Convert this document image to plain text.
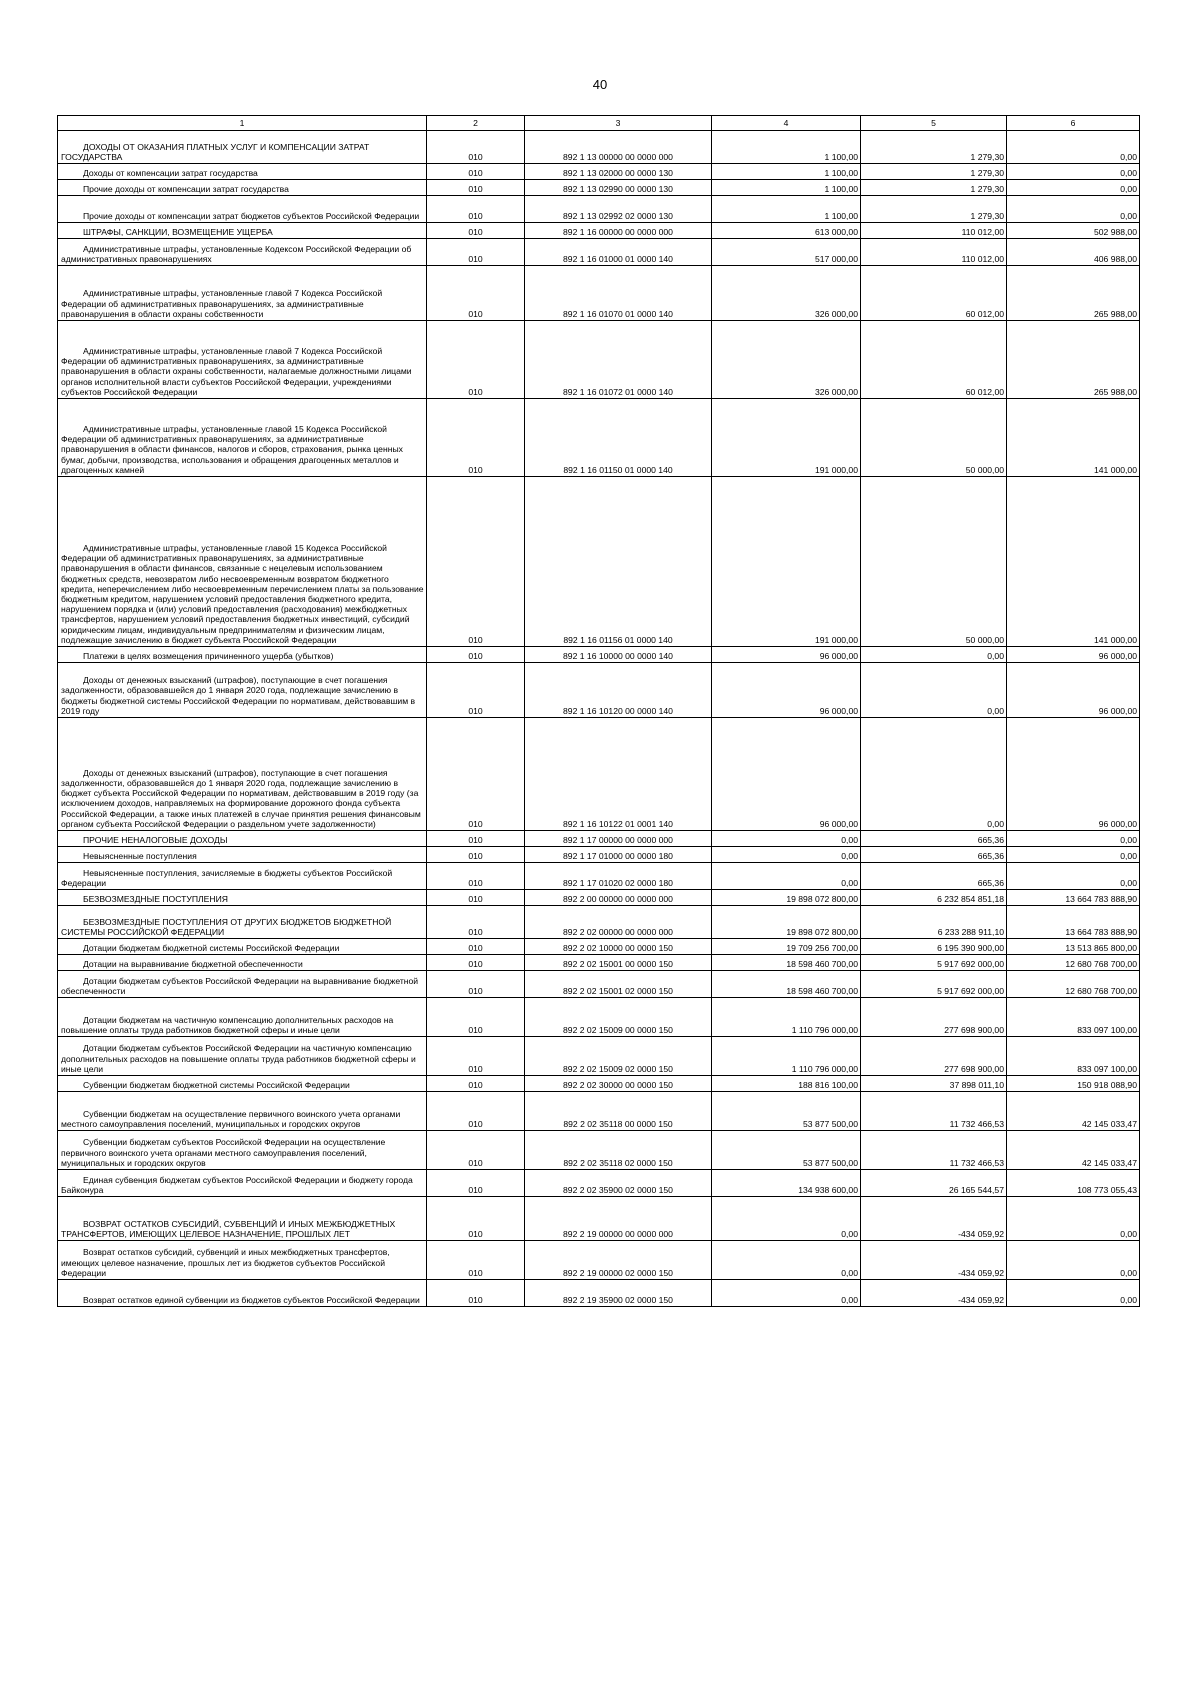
40
1	2	3	4	5	6

ДОХОДЫ ОТ ОКАЗАНИЯ ПЛАТНЫХ УСЛУГ И КОМПЕНСАЦИИ ЗАТРАТ ГОСУДАРСТВА	010	892 1 13 00000 00 0000 000	1 100,00	1 279,30	0,00

Доходы от компенсации затрат государства	010	892 1 13 02000 00 0000 130	1 100,00	1 279,30	0,00

Прочие доходы от компенсации затрат государства	010	892 1 13 02990 00 0000 130	1 100,00	1 279,30	0,00

Прочие доходы от компенсации затрат бюджетов субъектов Российской Федерации	010	892 1 13 02992 02 0000 130	1 100,00	1 279,30	0,00

ШТРАФЫ, САНКЦИИ, ВОЗМЕЩЕНИЕ УЩЕРБА	010	892 1 16 00000 00 0000 000	613 000,00	110 012,00	502 988,00

Административные штрафы, установленные Кодексом Российской Федерации об административных правонарушениях	010	892 1 16 01000 01 0000 140	517 000,00	110 012,00	406 988,00

Административные штрафы, установленные главой 7 Кодекса Российской Федерации об административных правонарушениях, за административные правонарушения в области охраны собственности	010	892 1 16 01070 01 0000 140	326 000,00	60 012,00	265 988,00

Административные штрафы, установленные главой 7 Кодекса Российской Федерации об административных правонарушениях, за административные правонарушения в области охраны собственности, налагаемые должностными лицами органов исполнительной власти субъектов Российской Федерации, учреждениями субъектов Российской Федерации	010	892 1 16 01072 01 0000 140	326 000,00	60 012,00	265 988,00

Административные штрафы, установленные главой 15 Кодекса Российской Федерации об административных правонарушениях, за административные правонарушения в области финансов, налогов и сборов, страхования, рынка ценных бумаг, добычи, производства, использования и обращения драгоценных металлов и драгоценных камней	010	892 1 16 01150 01 0000 140	191 000,00	50 000,00	141 000,00

Административные штрафы, установленные главой 15 Кодекса Российской Федерации об административных правонарушениях, за административные правонарушения в области финансов, связанные с нецелевым использованием бюджетных средств, невозвратом либо несвоевременным возвратом бюджетного кредита, неперечислением либо несвоевременным перечислением платы за пользование бюджетным кредитом, нарушением условий предоставления бюджетного кредита, нарушением порядка и (или) условий предоставления (расходования) межбюджетных трансфертов, нарушением условий предоставления бюджетных инвестиций, субсидий юридическим лицам, индивидуальным предпринимателям и физическим лицам, подлежащие зачислению в бюджет субъекта Российской Федерации	010	892 1 16 01156 01 0000 140	191 000,00	50 000,00	141 000,00

Платежи в целях возмещения причиненного ущерба (убытков)	010	892 1 16 10000 00 0000 140	96 000,00	0,00	96 000,00

Доходы от денежных взысканий (штрафов), поступающие в счет погашения задолженности, образовавшейся до 1 января 2020 года, подлежащие зачислению в бюджеты бюджетной системы Российской Федерации по нормативам, действовавшим в 2019 году	010	892 1 16 10120 00 0000 140	96 000,00	0,00	96 000,00

Доходы от денежных взысканий (штрафов), поступающие в счет погашения задолженности, образовавшейся до 1 января 2020 года, подлежащие зачислению в бюджет субъекта Российской Федерации по нормативам, действовавшим в 2019 году (за исключением доходов, направляемых на формирование дорожного фонда субъекта Российской Федерации, а также иных платежей в случае принятия решения финансовым органом субъекта Российской Федерации о раздельном учете задолженности)	010	892 1 16 10122 01 0001 140	96 000,00	0,00	96 000,00

ПРОЧИЕ НЕНАЛОГОВЫЕ ДОХОДЫ	010	892 1 17 00000 00 0000 000	0,00	665,36	0,00

Невыясненные поступления	010	892 1 17 01000 00 0000 180	0,00	665,36	0,00

Невыясненные поступления, зачисляемые в бюджеты субъектов Российской Федерации	010	892 1 17 01020 02 0000 180	0,00	665,36	0,00

БЕЗВОЗМЕЗДНЫЕ ПОСТУПЛЕНИЯ	010	892 2 00 00000 00 0000 000	19 898 072 800,00	6 232 854 851,18	13 664 783 888,90

БЕЗВОЗМЕЗДНЫЕ ПОСТУПЛЕНИЯ ОТ ДРУГИХ БЮДЖЕТОВ БЮДЖЕТНОЙ СИСТЕМЫ РОССИЙСКОЙ ФЕДЕРАЦИИ	010	892 2 02 00000 00 0000 000	19 898 072 800,00	6 233 288 911,10	13 664 783 888,90

Дотации бюджетам бюджетной системы Российской Федерации	010	892 2 02 10000 00 0000 150	19 709 256 700,00	6 195 390 900,00	13 513 865 800,00

Дотации на выравнивание бюджетной обеспеченности	010	892 2 02 15001 00 0000 150	18 598 460 700,00	5 917 692 000,00	12 680 768 700,00

Дотации бюджетам субъектов Российской Федерации на выравнивание бюджетной обеспеченности	010	892 2 02 15001 02 0000 150	18 598 460 700,00	5 917 692 000,00	12 680 768 700,00

Дотации бюджетам на частичную компенсацию дополнительных расходов на повышение оплаты труда работников бюджетной сферы и иные цели	010	892 2 02 15009 00 0000 150	1 110 796 000,00	277 698 900,00	833 097 100,00

Дотации бюджетам субъектов Российской Федерации на частичную компенсацию дополнительных расходов на повышение оплаты труда работников бюджетной сферы и иные цели	010	892 2 02 15009 02 0000 150	1 110 796 000,00	277 698 900,00	833 097 100,00

Субвенции бюджетам бюджетной системы Российской Федерации	010	892 2 02 30000 00 0000 150	188 816 100,00	37 898 011,10	150 918 088,90

Субвенции бюджетам на осуществление первичного воинского учета органами местного самоуправления поселений, муниципальных и городских округов	010	892 2 02 35118 00 0000 150	53 877 500,00	11 732 466,53	42 145 033,47

Субвенции бюджетам субъектов Российской Федерации на осуществление первичного воинского учета органами местного самоуправления поселений, муниципальных и городских округов	010	892 2 02 35118 02 0000 150	53 877 500,00	11 732 466,53	42 145 033,47

Единая субвенция бюджетам субъектов Российской Федерации и бюджету города Байконура	010	892 2 02 35900 02 0000 150	134 938 600,00	26 165 544,57	108 773 055,43

ВОЗВРАТ ОСТАТКОВ СУБСИДИЙ, СУБВЕНЦИЙ И ИНЫХ МЕЖБЮДЖЕТНЫХ ТРАНСФЕРТОВ, ИМЕЮЩИХ ЦЕЛЕВОЕ НАЗНАЧЕНИЕ, ПРОШЛЫХ ЛЕТ	010	892 2 19 00000 00 0000 000	0,00	-434 059,92	0,00

Возврат остатков субсидий, субвенций и иных межбюджетных трансфертов, имеющих целевое назначение, прошлых лет из бюджетов субъектов Российской Федерации	010	892 2 19 00000 02 0000 150	0,00	-434 059,92	0,00

Возврат остатков единой субвенции из бюджетов субъектов Российской Федерации	010	892 2 19 35900 02 0000 150	0,00	-434 059,92	0,00
